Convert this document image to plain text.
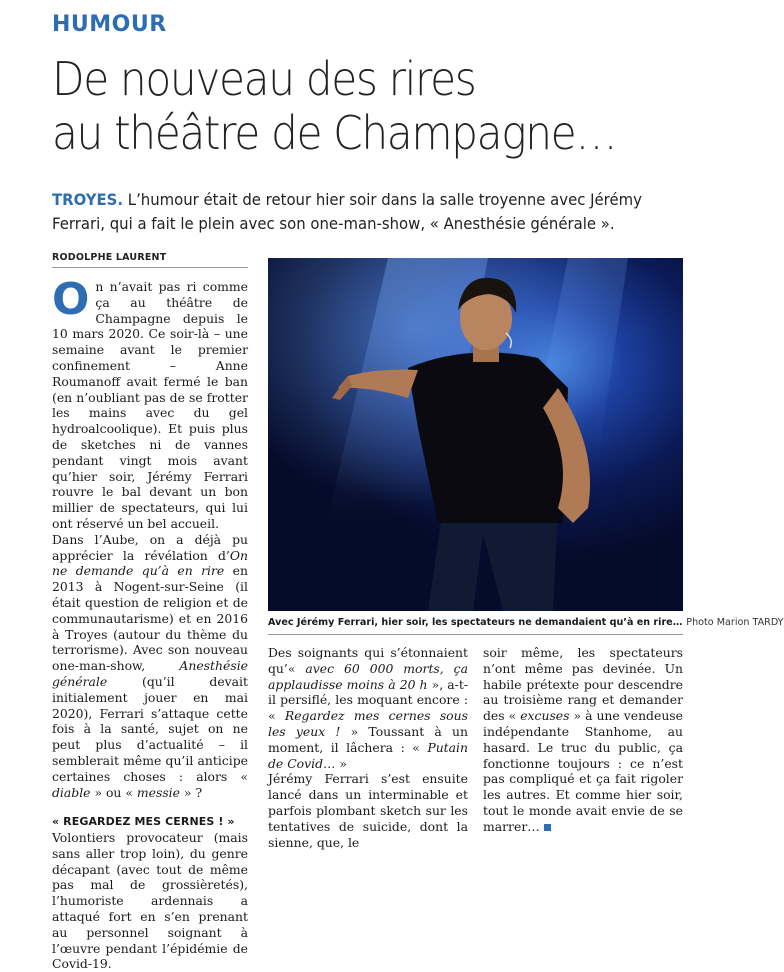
HUMOUR
De nouveau des rires
au théâtre de Champagne…
TROYES. L’humour était de retour hier soir dans la salle troyenne avec Jérémy Ferrari, qui a fait le plein avec son one-man-show, « Anesthésie générale ».
RODOLPHE LAURENT

On n’avait pas ri comme ça au théâtre de Champagne depuis le 10 mars 2020. Ce soir-là – une semaine avant le premier confinement – Anne Roumanoff avait fermé le ban (en n’oubliant pas de se frotter les mains avec du gel hydroalcoolique). Et puis plus de sketches ni de vannes pendant vingt mois avant qu’hier soir, Jérémy Ferrari rouvre le bal devant un bon millier de spectateurs, qui lui ont réservé un bel accueil.

Dans l’Aube, on a déjà pu apprécier la révélation d’On ne demande qu’à en rire en 2013 à Nogent-sur-Seine (il était question de religion et de communautarisme) et en 2016 à Troyes (autour du thème du terrorisme). Avec son nouveau one-man-show, Anesthésie générale (qu’il devait initialement jouer en mai 2020), Ferrari s’attaque cette fois à la santé, sujet on ne peut plus d’actualité – il semblerait même qu’il anticipe certaines choses : alors « diable » ou « messie » ?

« REGARDEZ MES CERNES ! »

Volontiers provocateur (mais sans aller trop loin), du genre décapant (avec tout de même pas mal de grossièretés), l’humoriste ardennais a attaqué fort en s’en prenant au personnel soignant à l’œuvre pendant l’épidémie de Covid-19.

Avec Jérémy Ferrari, hier soir, les spectateurs ne demandaient qu’à en rire… Photo Marion TARDY

Des soignants qui s’étonnaient qu’« avec 60 000 morts, ça applaudisse moins à 20 h », a-t-il persiflé, les moquant encore : « Regardez mes cernes sous les yeux ! » Toussant à un moment, il lâchera : « Putain de Covid… »

Jérémy Ferrari s’est ensuite lancé dans un interminable et parfois plombant sketch sur les tentatives de suicide, dont la sienne, que, le

soir même, les spectateurs n’ont même pas devinée. Un habile prétexte pour descendre au troisième rang et demander des « excuses » à une vendeuse indépendante Stanhome, au hasard. Le truc du public, ça fonctionne toujours : ce n’est pas compliqué et ça fait rigoler les autres. Et comme hier soir, tout le monde avait envie de se marrer…
